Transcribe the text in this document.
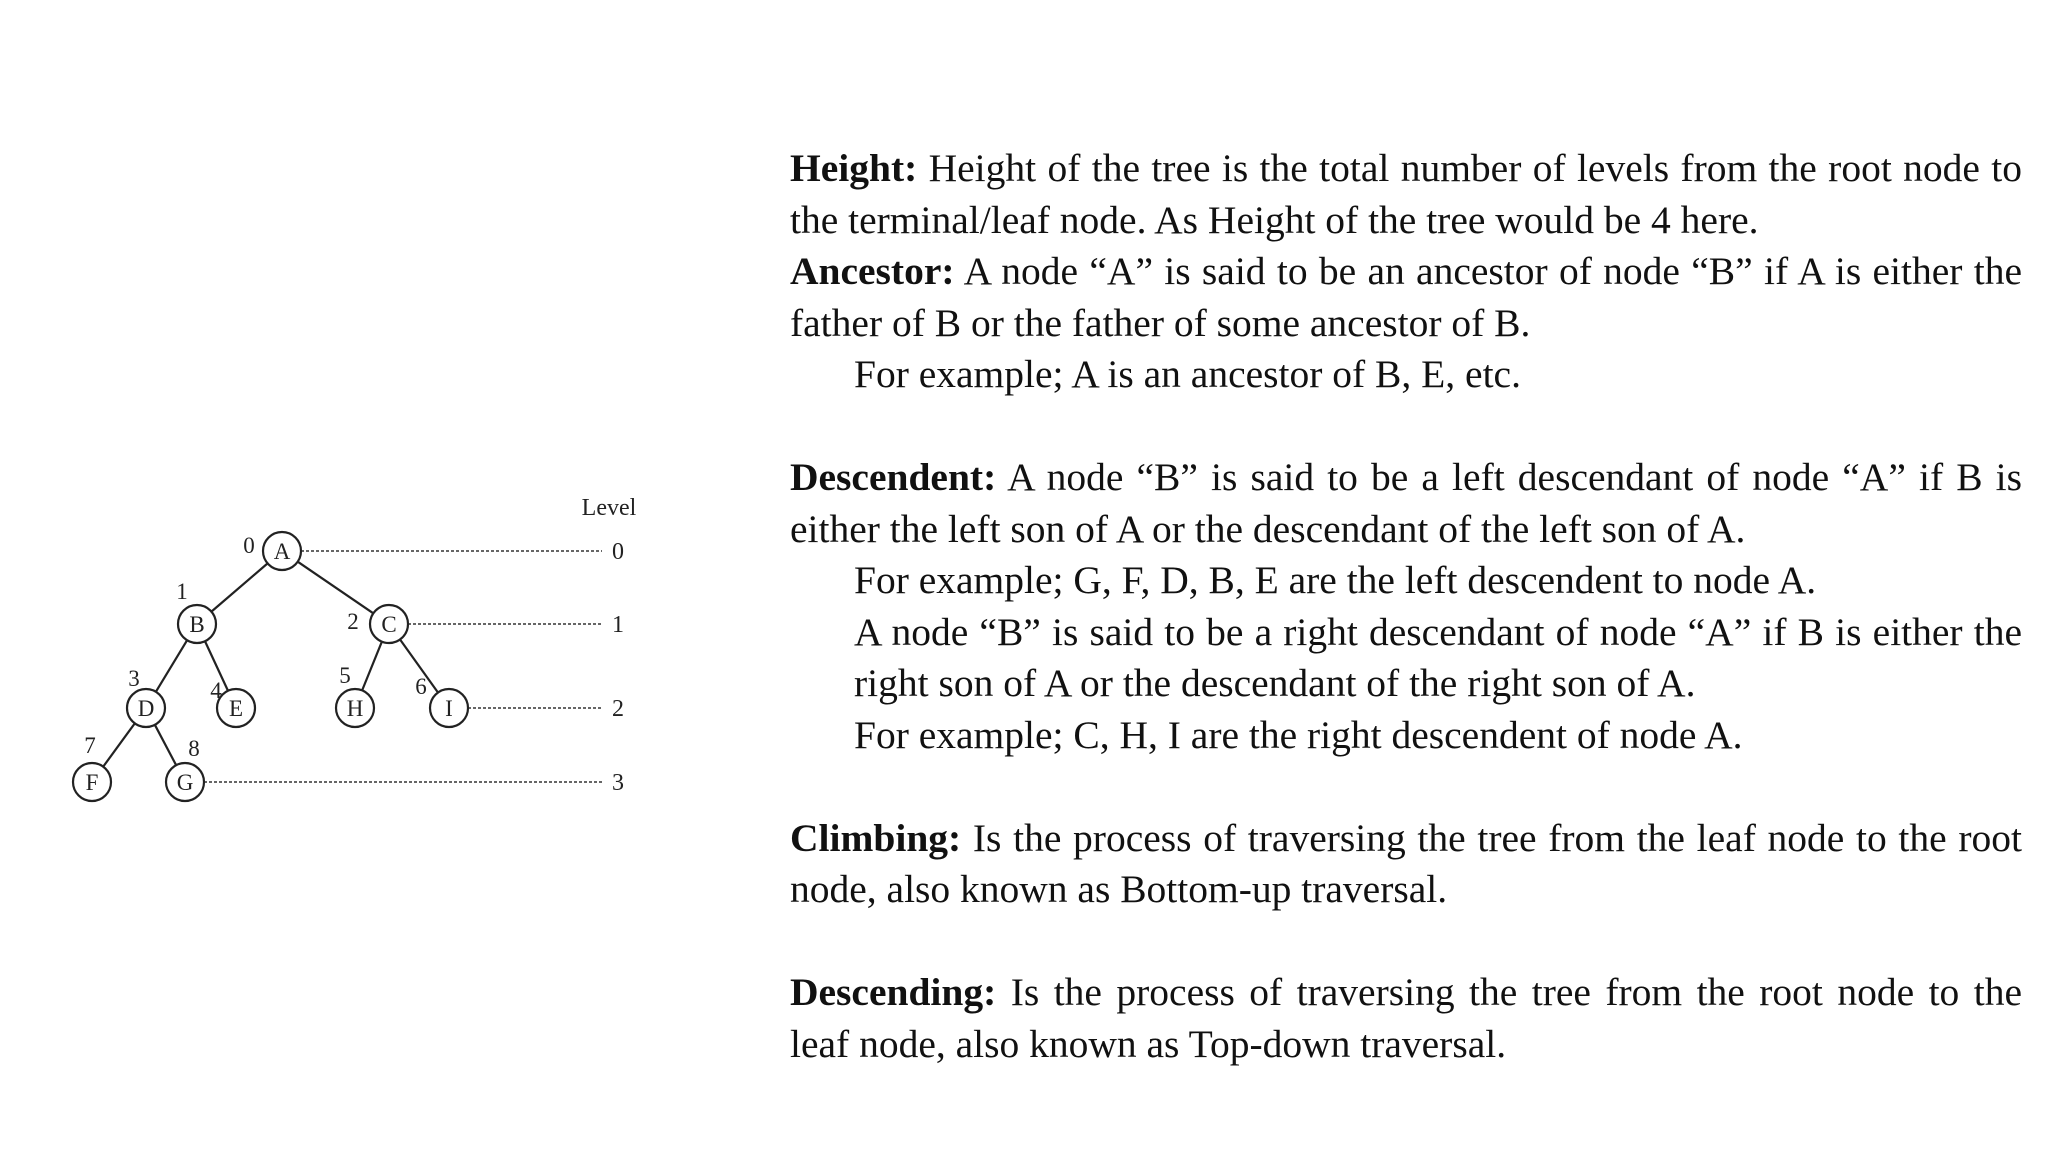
A
B	C
D	E	H	I
F	G
Level
0
1
2
3
0
1
2
3	4
5	6
7	8

Height: Height of the tree is the total number of levels from the root node to the terminal/leaf node. As Height of the tree would be 4 here.

Ancestor: A node “A” is said to be an ancestor of node “B” if A is either the father of B or the father of some ancestor of B.

For example; A is an ancestor of B, E, etc.

Descendent: A node “B” is said to be a left descendant of node “A” if B is either the left son of A or the descendant of the left son of A.

For example; G, F, D, B, E are the left descendent to node A.

A node “B” is said to be a right descendant of node “A” if B is either the right son of A or the descendant of the right son of A.

For example; C, H, I are the right descendent of node A.

Climbing: Is the process of traversing the tree from the leaf node to the root node, also known as Bottom-up traversal.

Descending: Is the process of traversing the tree from the root node to the leaf node, also known as Top-down traversal.
